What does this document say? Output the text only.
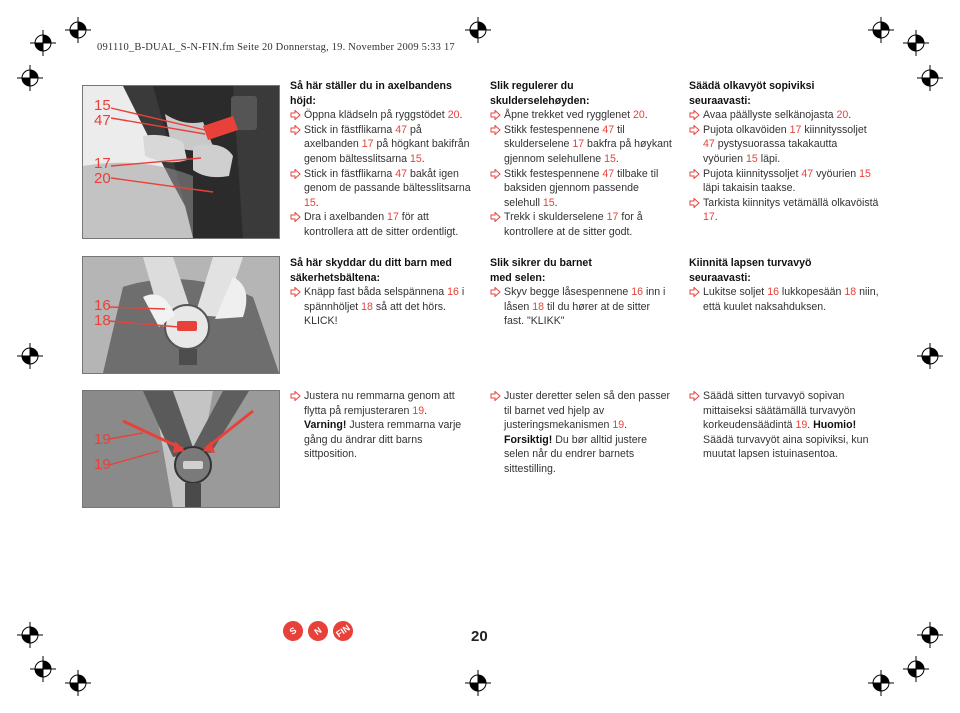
091110_B-DUAL_S-N-FIN.fm Seite 20 Donnerstag, 19. November 2009 5:33 17
15
47
17
20
Så här ställer du in axelbandens höjd:
Öppna klädseln på ryggstödet 20.
Stick in fästflikarna 47 på axelbanden 17 på högkant bakifrån genom bältesslitsarna 15.
Stick in fästflikarna 47 bakåt igen genom de passande bältesslitsarna 15.
Dra i axelbanden 17 för att kontrollera att de sitter ordentligt.
Slik regulerer du skulderselehøyden:
Åpne trekket ved rygglenet 20.
Stikk festespennene 47 til skulderselene 17 bakfra på høykant gjennom selehullene 15.
Stikk festespennene 47 tilbake til baksiden gjennom passende selehull 15.
Trekk i skulderselene 17 for å kontrollere at de sitter godt.
Säädä olkavyöt sopiviksi seuraavasti:
Avaa päällyste selkänojasta 20.
Pujota olkavöiden 17 kiinnityssoljet 47 pystysuorassa takakautta vyöurien 15 läpi.
Pujota kiinnityssoljet 47 vyöurien 15 läpi takaisin taakse.
Tarkista kiinnitys vetämällä olkavöistä 17.
16
18
Så här skyddar du ditt barn med
säkerhetsbältena:
Knäpp fast båda selspännena 16 i spännhöljet 18 så att det hörs. KLICK!
Slik sikrer du barnet
med selen:
Skyv begge låsespennene 16 inn i låsen 18 til du hører at de sitter fast. "KLIKK"
Kiinnitä lapsen turvavyö
seuraavasti:
Lukitse soljet 16 lukkopesään 18 niin, että kuulet naksahduksen.
19
19
Justera nu remmarna genom att flytta på remjusteraren 19. Varning! Justera remmarna varje gång du ändrar ditt barns sittposition.
Juster deretter selen så den passer til barnet ved hjelp av justeringsmekanismen 19. Forsiktig! Du bør alltid justere selen når du endrer barnets sittestilling.
Säädä sitten turvavyö sopivan mittaiseksi säätämällä turvavyön korkeudensäädintä 19. Huomio! Säädä turvavyöt aina sopiviksi, kun muutat lapsen istuinasentoa.
S	N	FIN	20
